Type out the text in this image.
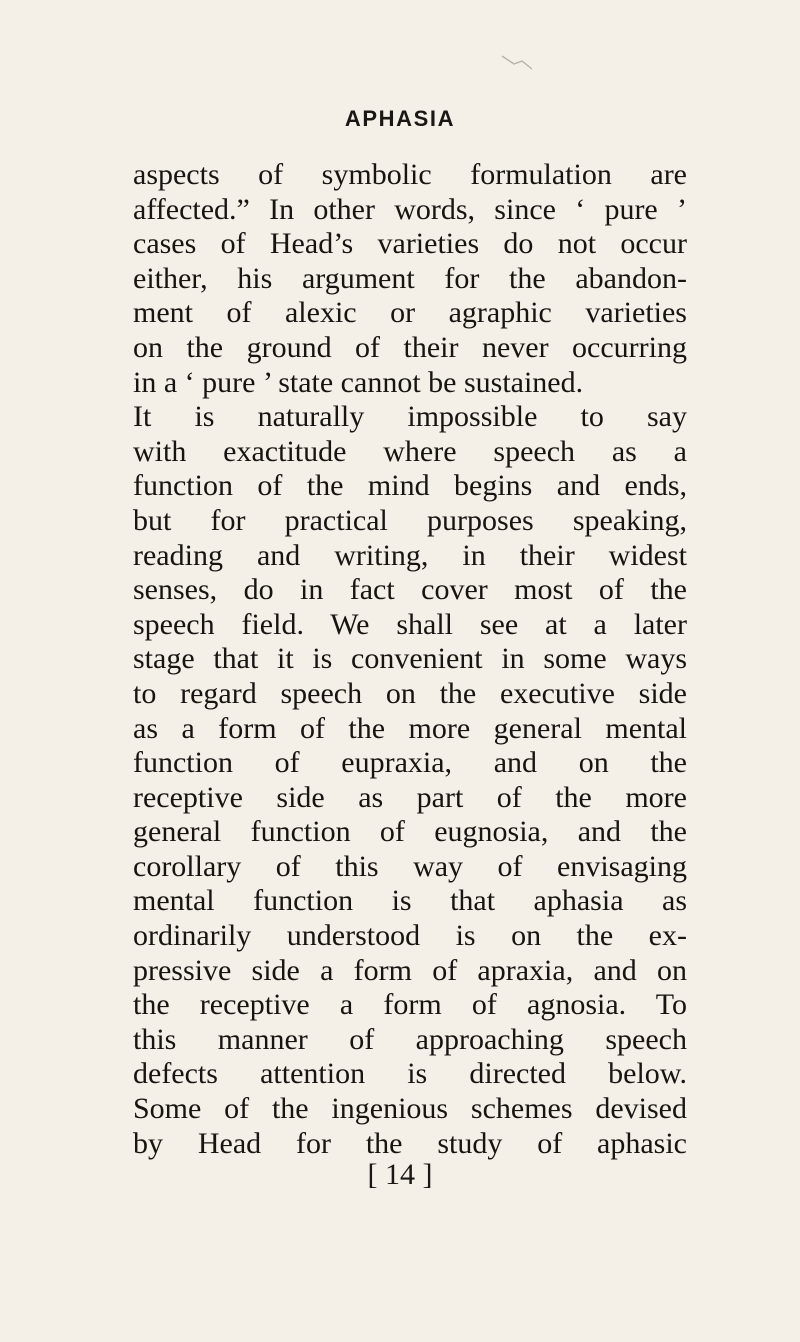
APHASIA
aspects of symbolic formulation are
affected.” In other words, since ‘ pure ’
cases of Head’s varieties do not occur
either, his argument for the abandon-
ment of alexic or agraphic varieties
on the ground of their never occurring
in a ‘ pure ’ state cannot be sustained.
It is naturally impossible to say
with exactitude where speech as a
function of the mind begins and ends,
but for practical purposes speaking,
reading and writing, in their widest
senses, do in fact cover most of the
speech field. We shall see at a later
stage that it is convenient in some ways
to regard speech on the executive side
as a form of the more general mental
function of eupraxia, and on the
receptive side as part of the more
general function of eugnosia, and the
corollary of this way of envisaging
mental function is that aphasia as
ordinarily understood is on the ex-
pressive side a form of apraxia, and on
the receptive a form of agnosia. To
this manner of approaching speech
defects attention is directed below.
Some of the ingenious schemes devised
by Head for the study of aphasic
[ 14 ]
